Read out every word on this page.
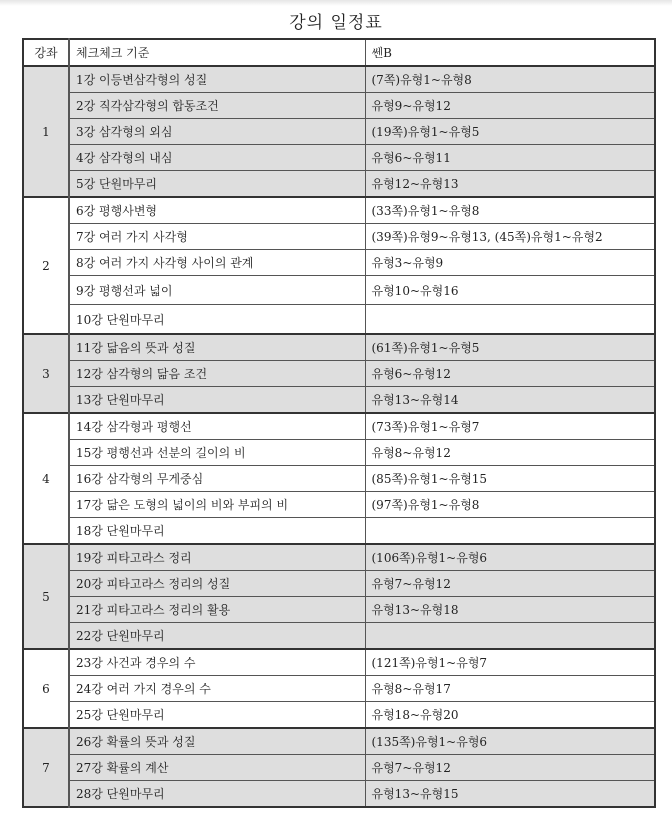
강의 일정표
강좌	체크체크 기준	쎈B
1	1강 이등변삼각형의 성질	(7쪽)유형1~유형8
	2강 직각삼각형의 합동조건	유형9~유형12
	3강 삼각형의 외심	(19쪽)유형1~유형5
	4강 삼각형의 내심	유형6~유형11
	5강 단원마무리	유형12~유형13
2	6강 평행사변형	(33쪽)유형1~유형8
	7강 여러 가지 사각형	(39쪽)유형9~유형13, (45쪽)유형1~유형2
	8강 여러 가지 사각형 사이의 관계	유형3~유형9
	9강 평행선과 넓이	유형10~유형16
	10강 단원마무리	
3	11강 닮음의 뜻과 성질	(61쪽)유형1~유형5
	12강 삼각형의 닮음 조건	유형6~유형12
	13강 단원마무리	유형13~유형14
4	14강 삼각형과 평행선	(73쪽)유형1~유형7
	15강 평행선과 선분의 길이의 비	유형8~유형12
	16강 삼각형의 무게중심	(85쪽)유형1~유형15
	17강 닮은 도형의 넓이의 비와 부피의 비	(97쪽)유형1~유형8
	18강 단원마무리	
5	19강 피타고라스 정리	(106쪽)유형1~유형6
	20강 피타고라스 정리의 성질	유형7~유형12
	21강 피타고라스 정리의 활용	유형13~유형18
	22강 단원마무리	
6	23강 사건과 경우의 수	(121쪽)유형1~유형7
	24강 여러 가지 경우의 수	유형8~유형17
	25강 단원마무리	유형18~유형20
7	26강 확률의 뜻과 성질	(135쪽)유형1~유형6
	27강 확률의 계산	유형7~유형12
	28강 단원마무리	유형13~유형15
